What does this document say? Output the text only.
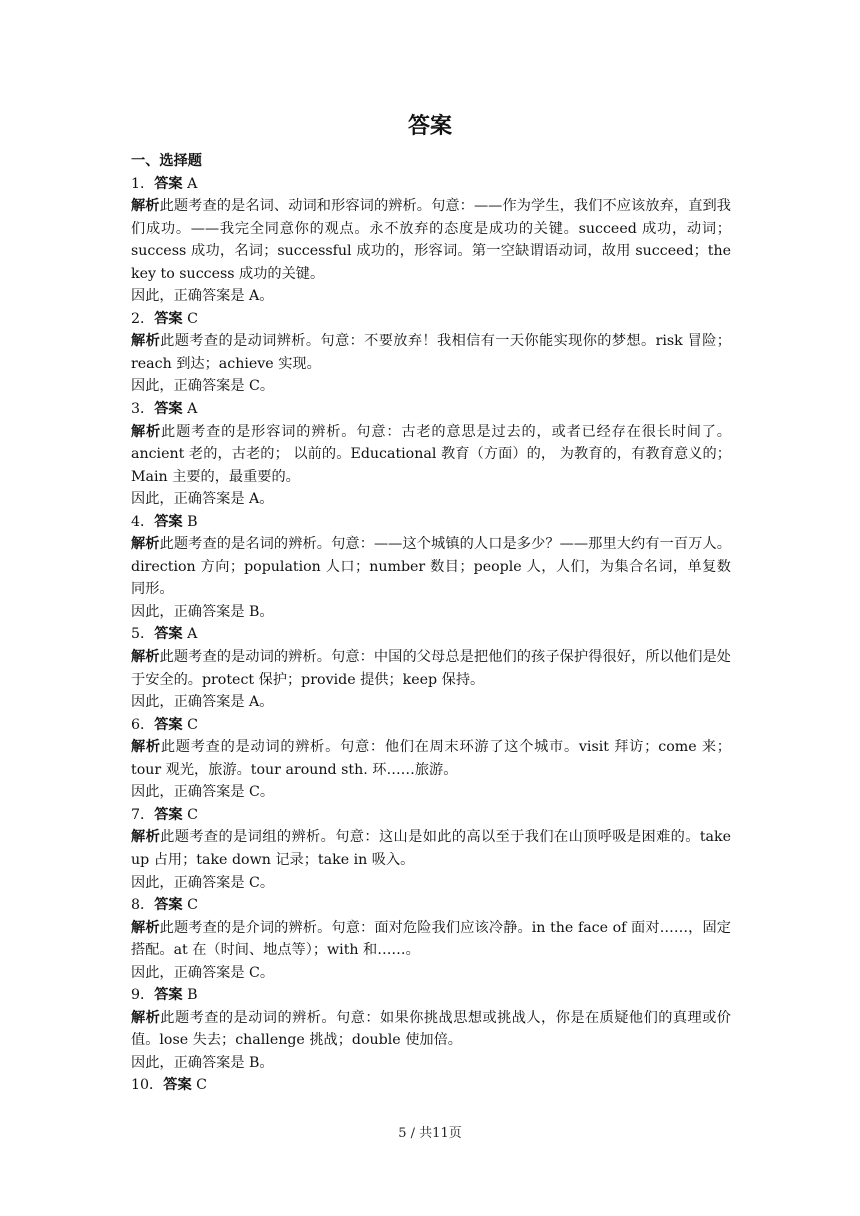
答案
一、选择题
1．答案 A
解析此题考查的是名词、动词和形容词的辨析。句意：——作为学生，我们不应该放弃，直到我们成功。——我完全同意你的观点。永不放弃的态度是成功的关键。succeed 成功，动词；success 成功，名词；successful 成功的，形容词。第一空缺谓语动词，故用 succeed；the key to success 成功的关键。
因此，正确答案是 A。
2．答案 C
解析此题考查的是动词辨析。句意：不要放弃！我相信有一天你能实现你的梦想。risk 冒险；reach 到达；achieve 实现。
因此，正确答案是 C。
3．答案 A
解析此题考查的是形容词的辨析。句意：古老的意思是过去的，或者已经存在很长时间了。ancient 老的，古老的； 以前的。Educational 教育（方面）的， 为教育的，有教育意义的；Main 主要的，最重要的。
因此，正确答案是 A。
4．答案 B
解析此题考查的是名词的辨析。句意：——这个城镇的人口是多少？——那里大约有一百万人。direction 方向；population 人口；number 数目；people 人，人们，为集合名词，单复数同形。
因此，正确答案是 B。
5．答案 A
解析此题考查的是动词的辨析。句意：中国的父母总是把他们的孩子保护得很好，所以他们是处于安全的。protect 保护；provide 提供；keep 保持。
因此，正确答案是 A。
6．答案 C
解析此题考查的是动词的辨析。句意：他们在周末环游了这个城市。visit 拜访；come 来；tour 观光，旅游。tour around sth. 环……旅游。
因此，正确答案是 C。
7．答案 C
解析此题考查的是词组的辨析。句意：这山是如此的高以至于我们在山顶呼吸是困难的。take up 占用；take down 记录；take in 吸入。
因此，正确答案是 C。
8．答案 C
解析此题考查的是介词的辨析。句意：面对危险我们应该冷静。in the face of 面对……，固定搭配。at 在（时间、地点等）；with 和……。
因此，正确答案是 C。
9．答案 B
解析此题考查的是动词的辨析。句意：如果你挑战思想或挑战人，你是在质疑他们的真理或价值。lose 失去；challenge 挑战；double 使加倍。
因此，正确答案是 B。
10．答案 C
5 / 共11页
